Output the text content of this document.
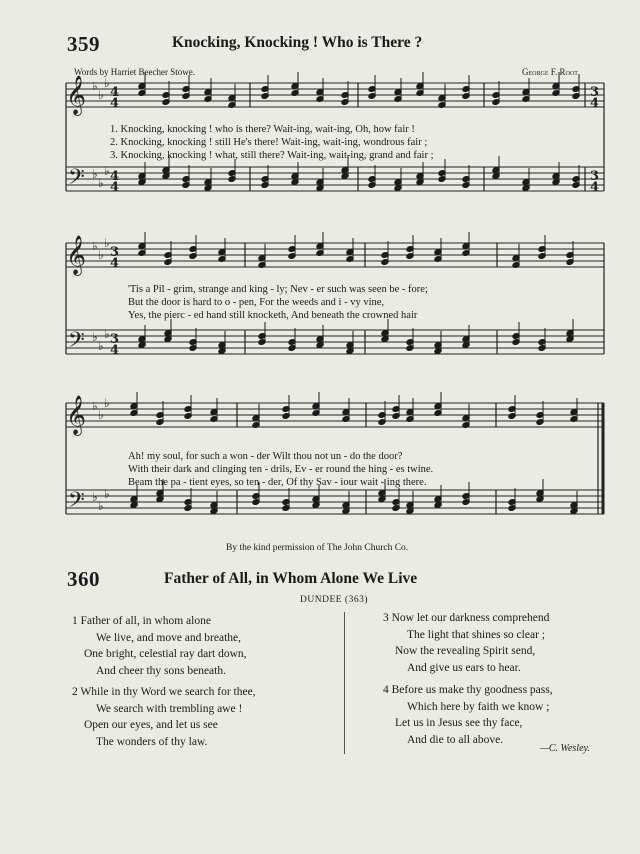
359	Knocking, Knocking ! Who is There ?
Words by Harriet Beecher Stowe.	George F. Root.
𝄞
𝄢
𝄞
𝄢
𝄞
𝄢
♭
♭
♭
4
4
♭
♭
♭ 4
4
3
4
3
4
♭
♭
♭
3
4
♭
♭
♭ 3
4
♭
♭
♭
♭
♭
♭
1. Knocking, knocking ! who is there? Wait-ing, wait-ing, Oh, how fair !
2. Knocking, knocking ! still He's there! Wait-ing, wait-ing, wondrous fair ;
3. Knocking, knocking ! what, still there? Wait-ing, wait-ing, grand and fair ;
'Tis a Pil - grim, strange and king - ly; Nev - er such was seen be - fore;
But the door is hard to o - pen, For the weeds and i - vy vine,
Yes, the pierc - ed hand still knocketh, And beneath the crowned hair
Ah! my soul, for such a won - der Wilt thou not un - do the door?
With their dark and clinging ten - drils, Ev - er round the hing - es twine.
Beam the pa - tient eyes, so ten - der, Of thy Sav - iour wait - ing there.
By the kind permission of The John Church Co.
360	Father of All, in Whom Alone We Live
DUNDEE (363)
1 Father of all, in whom alone
We live, and move and breathe,
One bright, celestial ray dart down,
And cheer thy sons beneath.
2 While in thy Word we search for thee,
We search with trembling awe !
Open our eyes, and let us see
The wonders of thy law.
3 Now let our darkness comprehend
The light that shines so clear ;
Now the revealing Spirit send,
And give us ears to hear.
4 Before us make thy goodness pass,
Which here by faith we know ;
Let us in Jesus see thy face,
And die to all above.
—C. Wesley.
